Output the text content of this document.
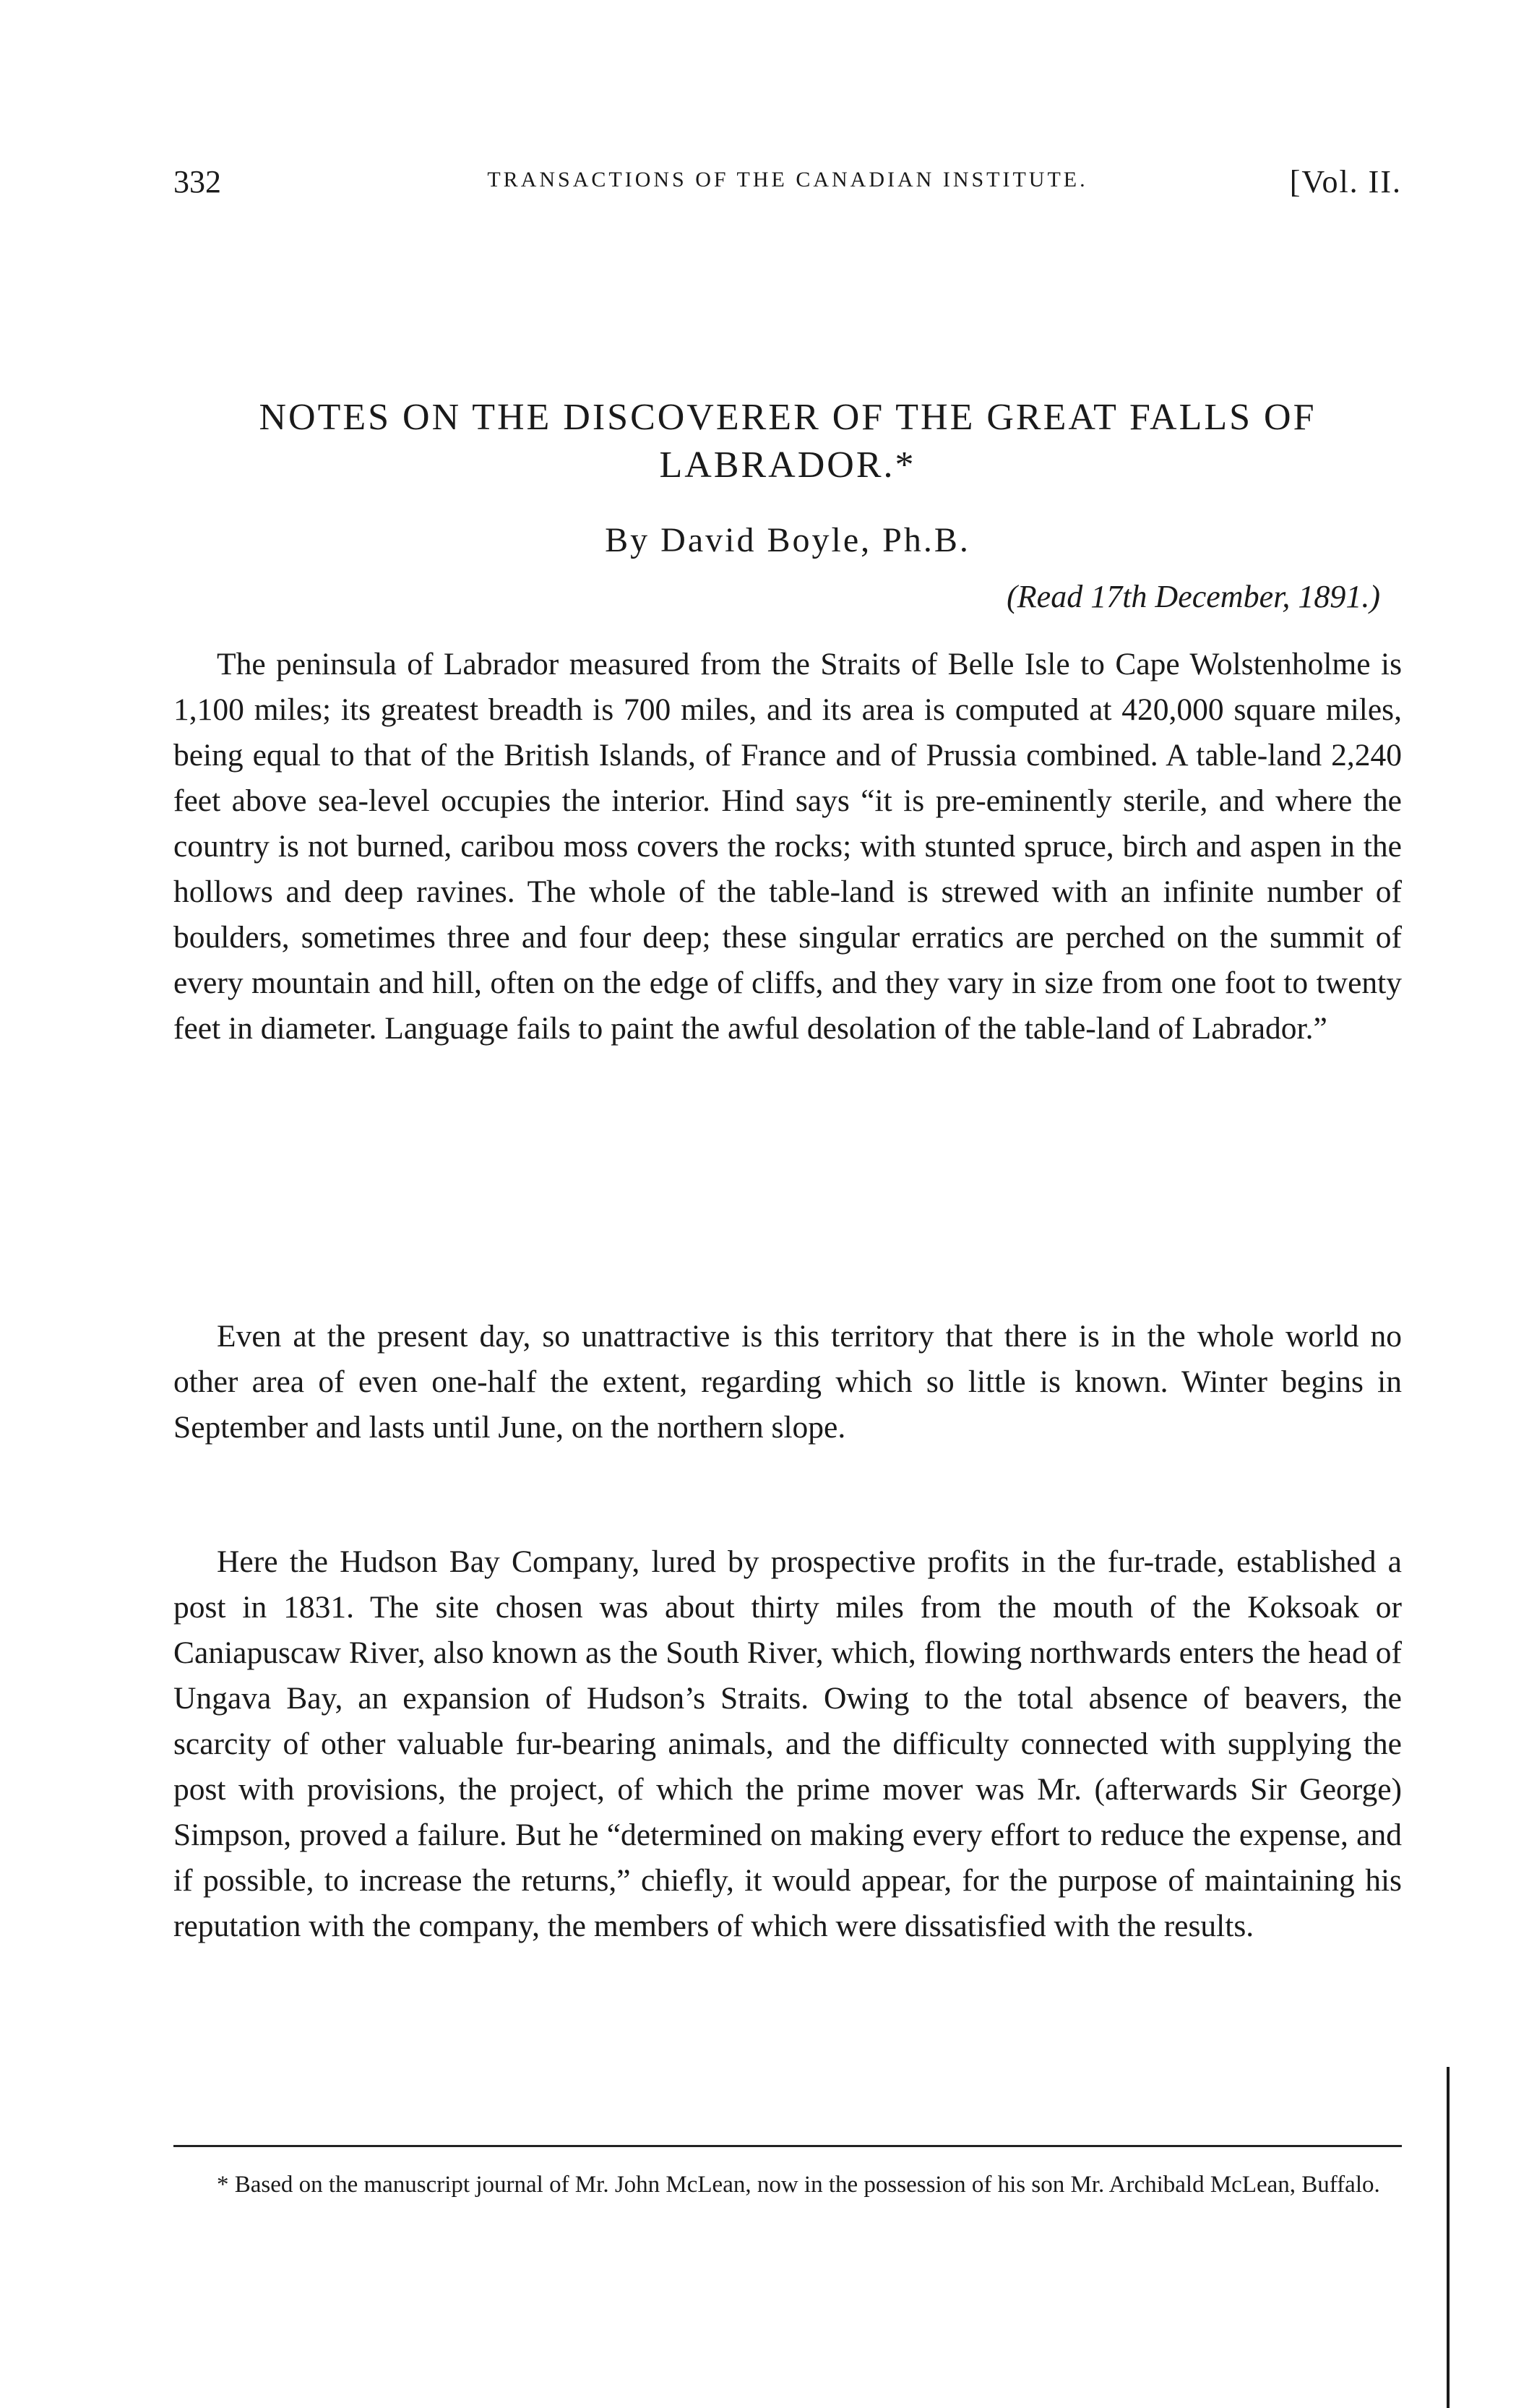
332	TRANSACTIONS OF THE CANADIAN INSTITUTE.	[Vol. II.
NOTES ON THE DISCOVERER OF THE GREAT FALLS OF
LABRADOR.*
By David Boyle, Ph.B.
(Read 17th December, 1891.)

The peninsula of Labrador measured from the Straits of Belle Isle to Cape Wolstenholme is 1,100 miles; its greatest breadth is 700 miles, and its area is computed at 420,000 square miles, being equal to that of the British Islands, of France and of Prussia combined. A table-land 2,240 feet above sea-level occupies the interior. Hind says “it is pre-eminently sterile, and where the country is not burned, caribou moss covers the rocks; with stunted spruce, birch and aspen in the hollows and deep ravines. The whole of the table-land is strewed with an infinite number of boulders, sometimes three and four deep; these singular erratics are perched on the summit of every mountain and hill, often on the edge of cliffs, and they vary in size from one foot to twenty feet in diameter. Language fails to paint the awful desolation of the table-land of Labrador.”

Even at the present day, so unattractive is this territory that there is in the whole world no other area of even one-half the extent, regarding which so little is known. Winter begins in September and lasts until June, on the northern slope.

Here the Hudson Bay Company, lured by prospective profits in the fur-trade, established a post in 1831. The site chosen was about thirty miles from the mouth of the Koksoak or Caniapuscaw River, also known as the South River, which, flowing northwards enters the head of Ungava Bay, an expansion of Hudson’s Straits. Owing to the total absence of beavers, the scarcity of other valuable fur-bearing animals, and the difficulty connected with supplying the post with provisions, the project, of which the prime mover was Mr. (afterwards Sir George) Simpson, proved a failure. But he “determined on making every effort to reduce the expense, and if possible, to increase the returns,” chiefly, it would appear, for the purpose of maintaining his reputation with the company, the members of which were dissatisfied with the results.

* Based on the manuscript journal of Mr. John McLean, now in the possession of his son Mr. Archibald McLean, Buffalo.
